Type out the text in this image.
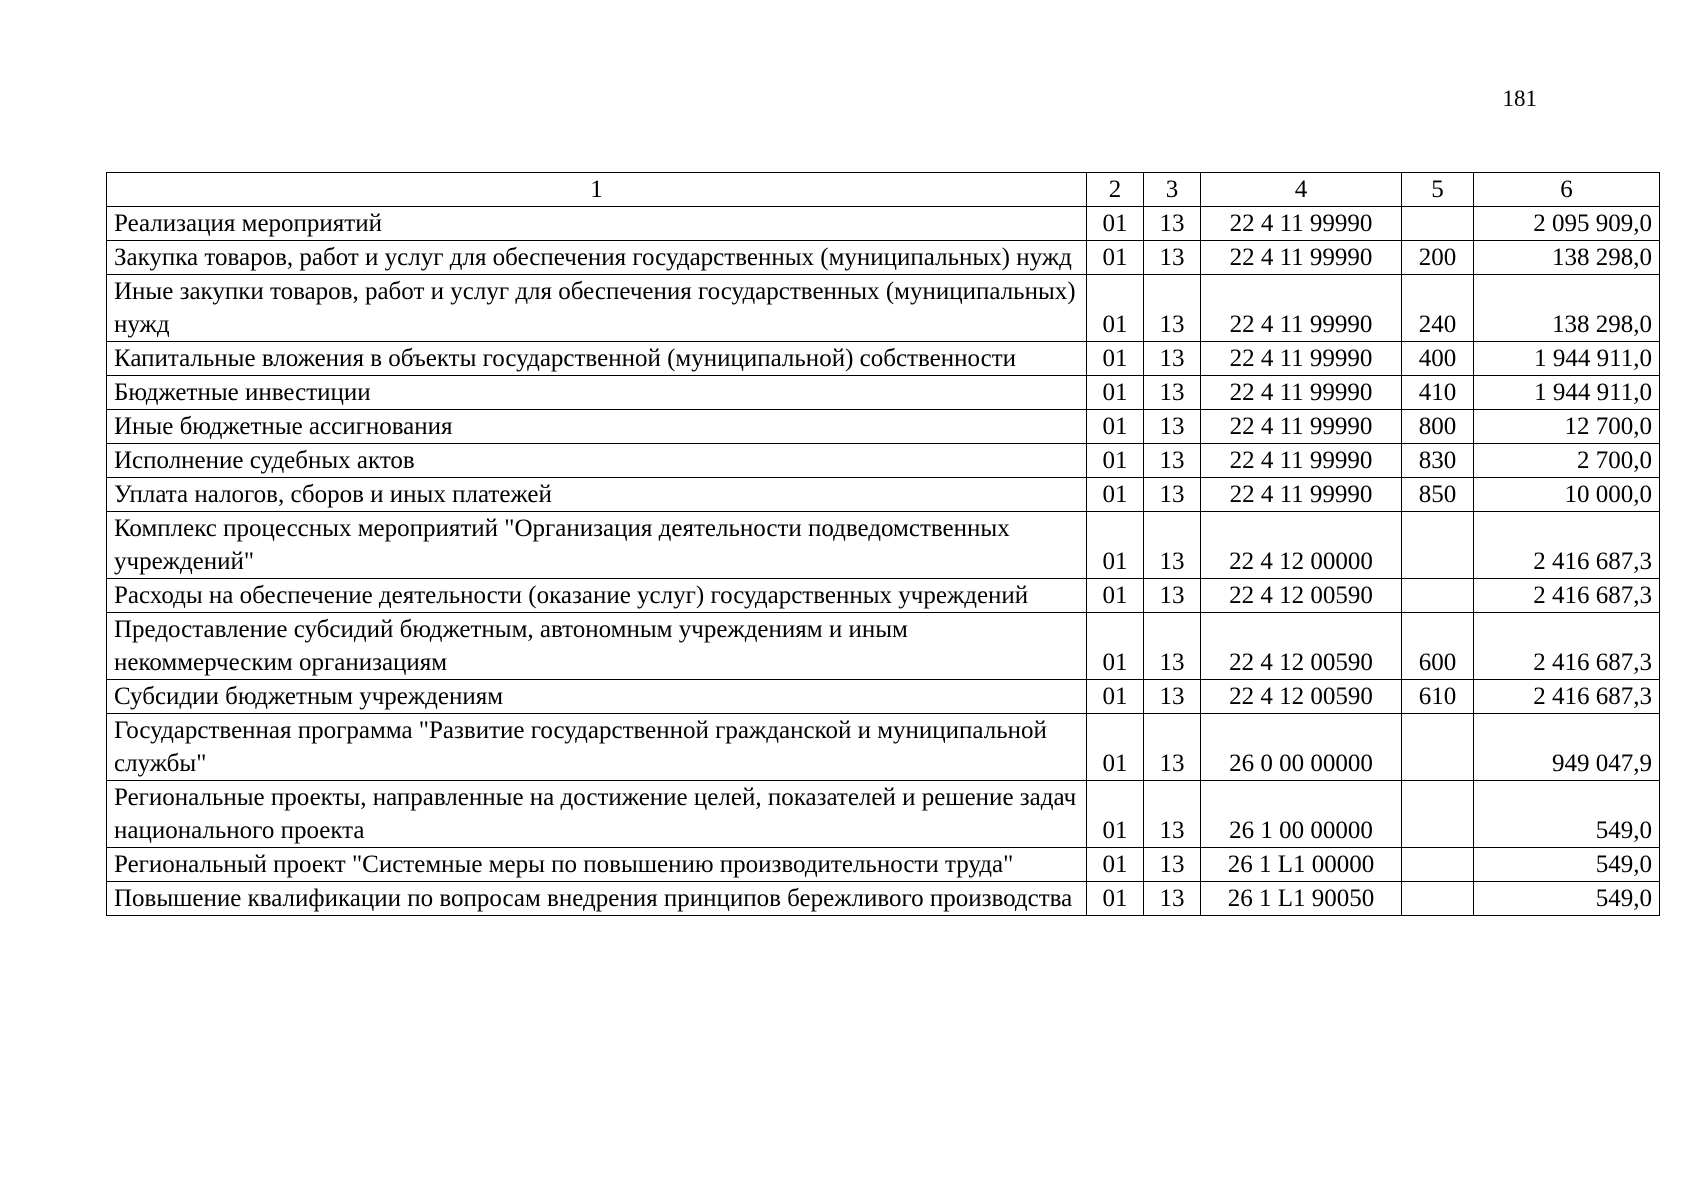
181
1	2	3	4	5	6
Реализация мероприятий	01	13	22 4 11 99990		2 095 909,0
Закупка товаров, работ и услуг для обеспечения государственных (муниципальных) нужд	01	13	22 4 11 99990	200	138 298,0
Иные закупки товаров, работ и услуг для обеспечения государственных (муниципальных) нужд	01	13	22 4 11 99990	240	138 298,0
Капитальные вложения в объекты государственной (муниципальной) собственности	01	13	22 4 11 99990	400	1 944 911,0
Бюджетные инвестиции	01	13	22 4 11 99990	410	1 944 911,0
Иные бюджетные ассигнования	01	13	22 4 11 99990	800	12 700,0
Исполнение судебных актов	01	13	22 4 11 99990	830	2 700,0
Уплата налогов, сборов и иных платежей	01	13	22 4 11 99990	850	10 000,0
Комплекс процессных мероприятий "Организация деятельности подведомственных учреждений"	01	13	22 4 12 00000		2 416 687,3
Расходы на обеспечение деятельности (оказание услуг) государственных учреждений	01	13	22 4 12 00590		2 416 687,3
Предоставление субсидий бюджетным, автономным учреждениям и иным некоммерческим организациям	01	13	22 4 12 00590	600	2 416 687,3
Субсидии бюджетным учреждениям	01	13	22 4 12 00590	610	2 416 687,3
Государственная программа "Развитие государственной гражданской и муниципальной службы"	01	13	26 0 00 00000		949 047,9
Региональные проекты, направленные на достижение целей, показателей и решение задач национального проекта	01	13	26 1 00 00000		549,0
Региональный проект "Системные меры по повышению производительности труда"	01	13	26 1 L1 00000		549,0
Повышение квалификации по вопросам внедрения принципов бережливого производства	01	13	26 1 L1 90050		549,0
